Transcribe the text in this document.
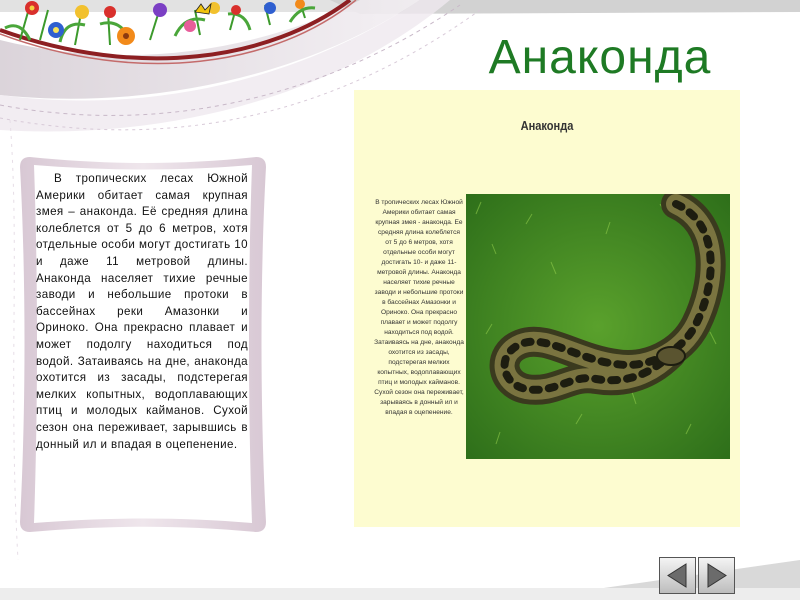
Анаконда

В тропических лесах Южной Америки обитает самая крупная змея – анаконда. Её средняя длина колеблется от 5 до 6 метров, хотя отдельные особи могут достигать 10 и даже 11 метровой длины. Анаконда населяет тихие речные заводи и небольшие протоки в бассейнах реки Амазонки и Ориноко. Она прекрасно плавает и может подолгу находиться под водой. Затаиваясь на дне, анаконда охотится из засады, подстерегая мелких копытных, водоплавающих птиц и молодых кайманов. Сухой сезон она переживает, зарывшись в донный ил и впадая в оцепенение.

Анаконда

В тропических лесах Южной Америки обитает самая крупная змея - анаконда. Ее средняя длина колеблется от 5 до 6 метров, хотя отдельные особи могут достигать 10- и даже 11-метровой длины. Анаконда населяет тихие речные заводи и небольшие протоки в бассейнах Амазонки и Ориноко. Она прекрасно плавает и может подолгу находиться под водой. Затаиваясь на дне, анаконда охотится из засады, подстерегая мелких копытных, водоплавающих птиц и молодых кайманов. Сухой сезон она переживает, зарываясь в донный ил и впадая в оцепенение.
